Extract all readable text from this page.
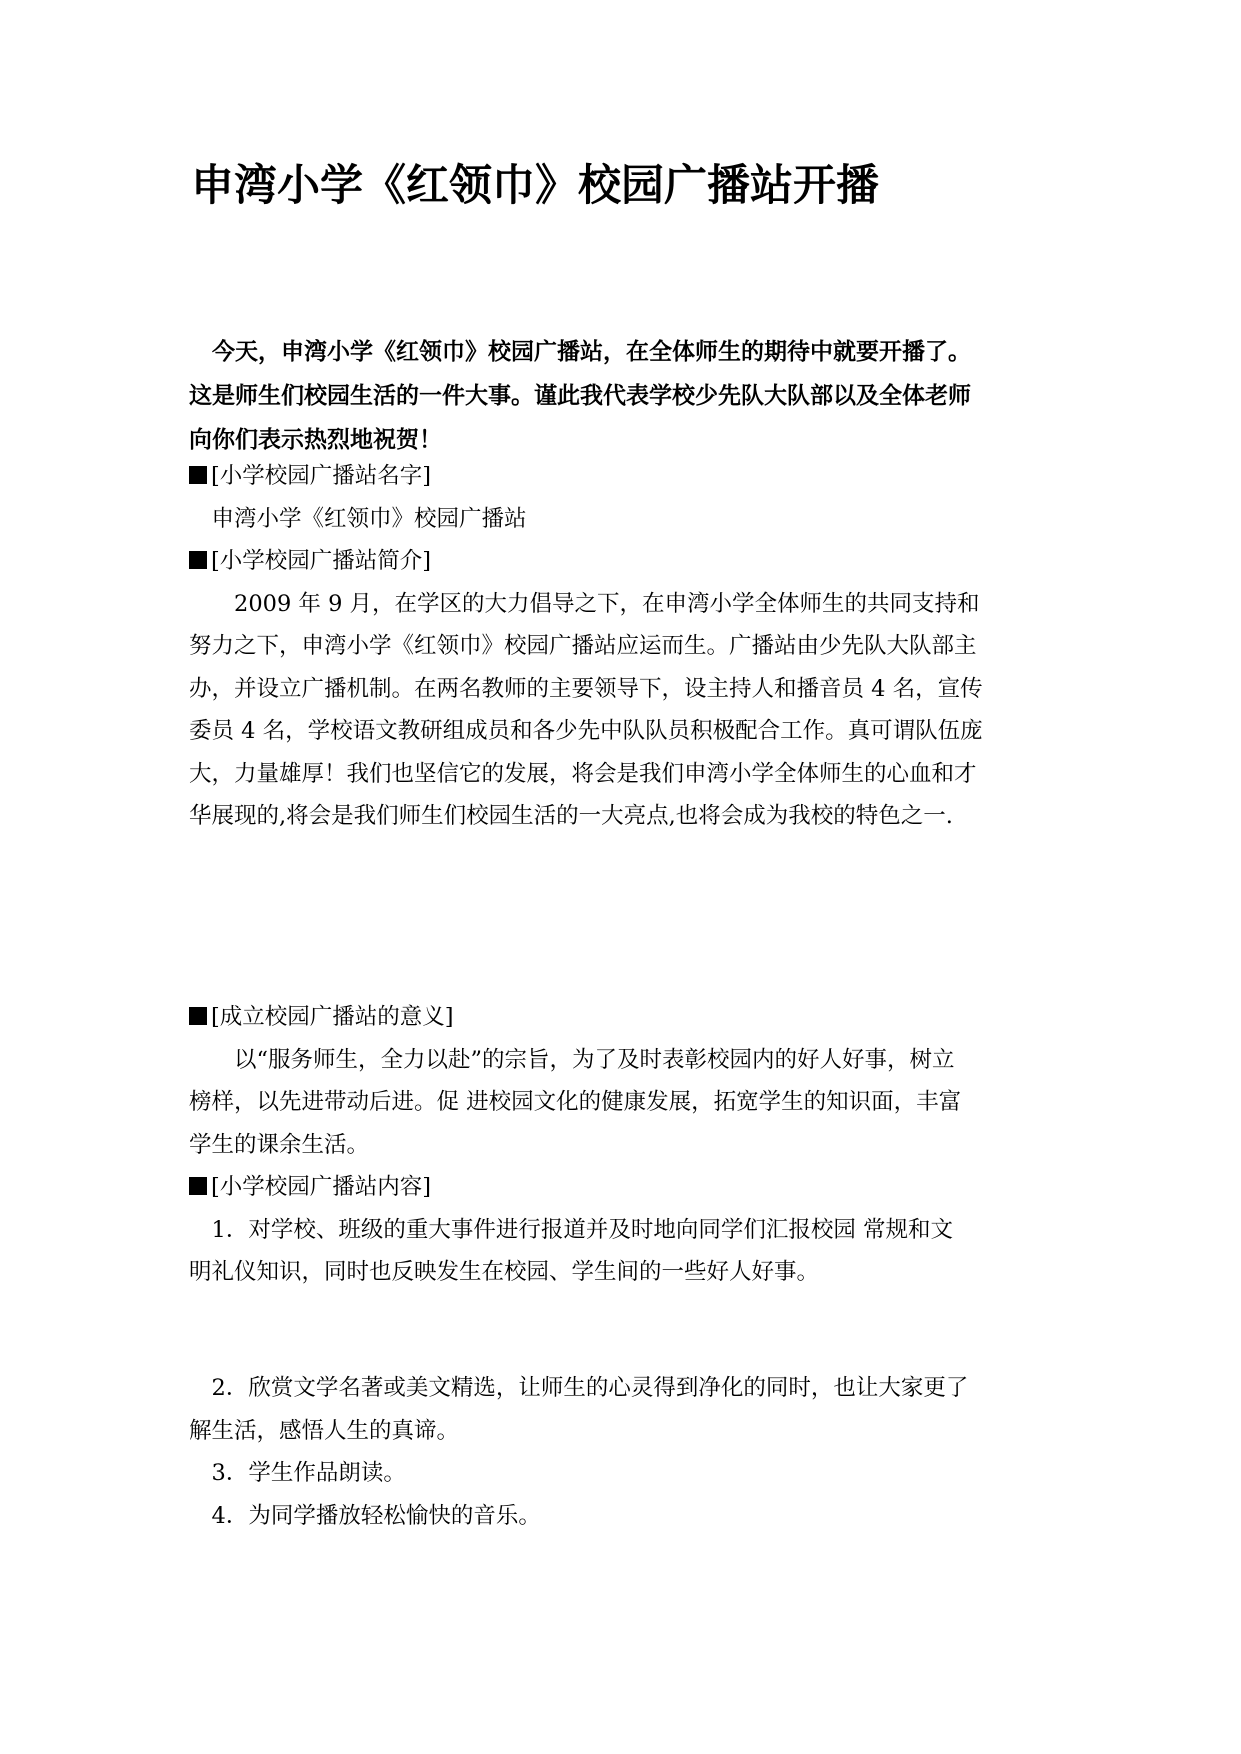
申湾小学《红领巾》校园广播站开播

　今天，申湾小学《红领巾》校园广播站，在全体师生的期待中就要开播了。
这是师生们校园生活的一件大事。谨此我代表学校少先队大队部以及全体老师
向你们表示热烈地祝贺！

[小学校园广播站名字]
　申湾小学《红领巾》校园广播站
[小学校园广播站简介]
　　2009 年 9 月，在学区的大力倡导之下，在申湾小学全体师生的共同支持和
努力之下，申湾小学《红领巾》校园广播站应运而生。广播站由少先队大队部主
办，并设立广播机制。在两名教师的主要领导下，设主持人和播音员 4 名，宣传
委员 4 名，学校语文教研组成员和各少先中队队员积极配合工作。真可谓队伍庞
大，力量雄厚！我们也坚信它的发展，将会是我们申湾小学全体师生的心血和才
华展现的,将会是我们师生们校园生活的一大亮点,也将会成为我校的特色之一.
[成立校园广播站的意义]
　　以“服务师生，全力以赴”的宗旨，为了及时表彰校园内的好人好事，树立
榜样，以先进带动后进。促 进校园文化的健康发展，拓宽学生的知识面，丰富
学生的课余生活。
[小学校园广播站内容]
　1．对学校、班级的重大事件进行报道并及时地向同学们汇报校园 常规和文
明礼仪知识，同时也反映发生在校园、学生间的一些好人好事。
　2．欣赏文学名著或美文精选，让师生的心灵得到净化的同时，也让大家更了
解生活，感悟人生的真谛。
　3．学生作品朗读。
　4．为同学播放轻松愉快的音乐。
